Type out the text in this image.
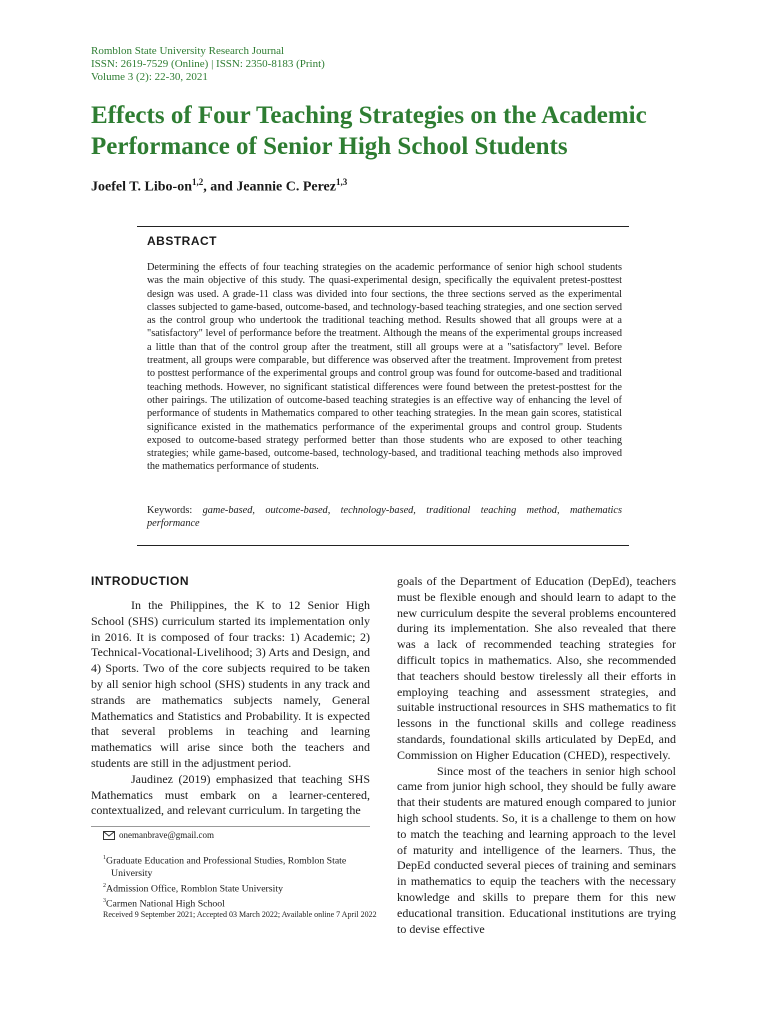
Romblon State University Research Journal
ISSN: 2619-7529 (Online) | ISSN: 2350-8183 (Print)
Volume 3 (2): 22-30, 2021
Effects of Four Teaching Strategies on the Academic Performance of Senior High School Students
Joefel T. Libo-on$^{1,2}$, and Jeannie C. Perez$^{1,3}$
ABSTRACT

Determining the effects of four teaching strategies on the academic performance of senior high school students was the main objective of this study. The quasi-experimental design, specifically the equivalent pretest-posttest design was used. A grade-11 class was divided into four sections, the three sections served as the experimental classes subjected to game-based, outcome-based, and technology-based teaching strategies, and one section served as the control group who undertook the traditional teaching method. Results showed that all groups were at a "satisfactory" level of performance before the treatment. Although the means of the experimental groups increased a little than that of the control group after the treatment, still all groups were at a "satisfactory" level. Before treatment, all groups were comparable, but difference was observed after the treatment. Improvement from pretest to posttest performance of the experimental groups and control group was found for outcome-based and traditional teaching methods. However, no significant statistical differences were found between the pretest-posttest for the other pairings. The utilization of outcome-based teaching strategies is an effective way of enhancing the level of performance of students in Mathematics compared to other teaching strategies. In the mean gain scores, statistical significance existed in the mathematics performance of the experimental groups and control group. Students exposed to outcome-based strategy performed better than those students who are exposed to other teaching strategies; while game-based, outcome-based, technology-based, and traditional teaching methods also improved the mathematics performance of students.

Keywords: game-based, outcome-based, technology-based, traditional teaching method, mathematics performance

INTRODUCTION

In the Philippines, the K to 12 Senior High School (SHS) curriculum started its implementation only in 2016. It is composed of four tracks: 1) Academic; 2) Technical-Vocational-Livelihood; 3) Arts and Design, and 4) Sports. Two of the core subjects required to be taken by all senior high school (SHS) students in any track and strands are mathematics subjects namely, General Mathematics and Statistics and Probability. It is expected that several problems in teaching and learning mathematics will arise since both the teachers and students are still in the adjustment period.

Jaudinez (2019) emphasized that teaching SHS Mathematics must embark on a learner-centered, contextualized, and relevant curriculum. In targeting the

goals of the Department of Education (DepEd), teachers must be flexible enough and should learn to adapt to the new curriculum despite the several problems encountered during its implementation. She also revealed that there was a lack of recommended teaching strategies for difficult topics in mathematics. Also, she recommended that teachers should bestow tirelessly all their efforts in employing teaching and assessment strategies, and suitable instructional resources in SHS mathematics to fit lessons in the functional skills and college readiness standards, foundational skills articulated by DepEd, and Commission on Higher Education (CHED), respectively.

Since most of the teachers in senior high school came from junior high school, they should be fully aware that their students are matured enough compared to junior high school students. So, it is a challenge to them on how to match the teaching and learning approach to the level of maturity and intelligence of the learners. Thus, the DepEd conducted several pieces of training and seminars in mathematics to equip the teachers with the necessary knowledge and skills to prepare them for this new educational transition. Educational institutions are trying to devise effective

onemanbrave@gmail.com
$^1$Graduate Education and Professional Studies, Romblon State University
$^2$Admission Office, Romblon State University
$^3$Carmen National High School
Received 9 September 2021; Accepted 03 March 2022; Available online 7 April 2022
